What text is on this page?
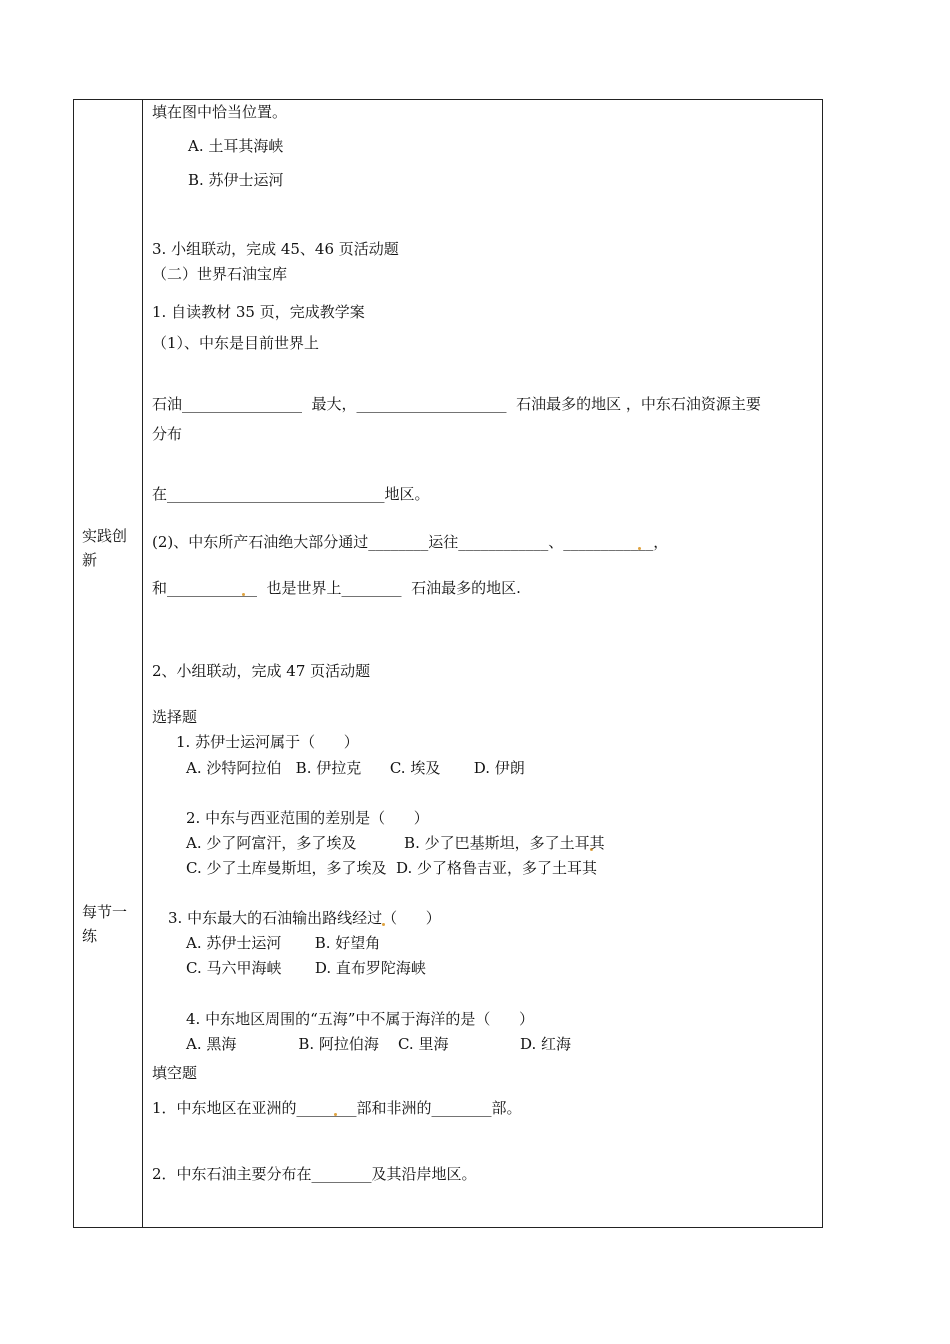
实践创新
每节一练
填在图中恰当位置。
A. 土耳其海峡
B. 苏伊士运河
3. 小组联动，完成 45、46 页活动题
（二）世界石油宝库
1. 自读教材 35 页，完成教学案
（1）、中东是目前世界上
石油________________  最大，____________________  石油最多的地区 ，中东石油资源主要
分布
在_____________________________地区。
(2)、中东所产石油绝大部分通过________运往____________、____________，
和____________  也是世界上________  石油最多的地区.
2、小组联动，完成 47 页活动题
选择题
1. 苏伊士运河属于（      ）
A. 沙特阿拉伯   B. 伊拉克      C. 埃及       D. 伊朗
2. 中东与西亚范围的差别是（      ）
A. 少了阿富汗，多了埃及          B. 少了巴基斯坦，多了土耳其
C. 少了土库曼斯坦，多了埃及  D. 少了格鲁吉亚，多了土耳其
3. 中东最大的石油输出路线经过（      ）
A. 苏伊士运河       B. 好望角
C. 马六甲海峡       D. 直布罗陀海峡
4. 中东地区周围的“五海”中不属于海洋的是（      ）
A. 黑海             B. 阿拉伯海    C. 里海               D. 红海
填空题
1．中东地区在亚洲的________部和非洲的________部。
2．中东石油主要分布在________及其沿岸地区。
